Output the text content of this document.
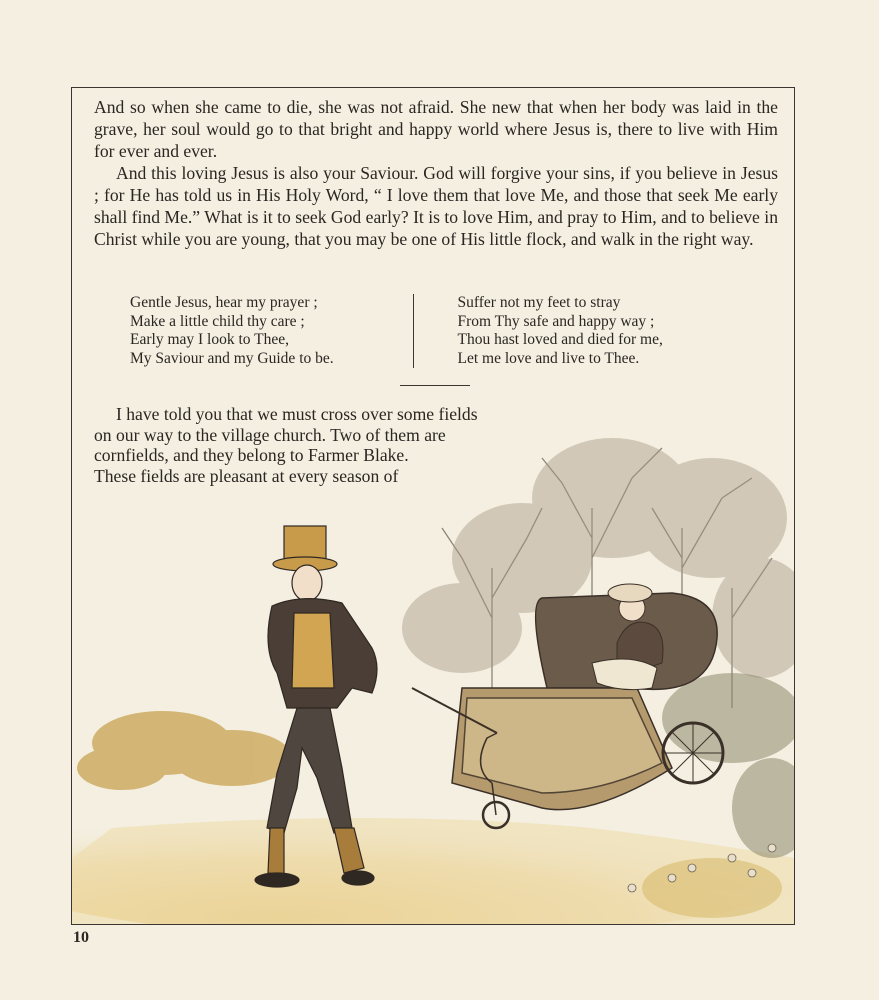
And so when she came to die, she was not afraid. She new that when her body was laid in the grave, her soul would go to that bright and happy world where Jesus is, there to live with Him for ever and ever.

And this loving Jesus is also your Saviour. God will forgive your sins, if you believe in Jesus ; for He has told us in His Holy Word, “ I love them that love Me, and those that seek Me early shall find Me.” What is it to seek God early? It is to love Him, and pray to Him, and to believe in Christ while you are young, that you may be one of His little flock, and walk in the right way.

Gentle Jesus, hear my prayer ;
Make a little child thy care ;
Early may I look to Thee,
My Saviour and my Guide to be.
Suffer not my feet to stray
From Thy safe and happy way ;
Thou hast loved and died for me,
Let me love and live to Thee.
I have told you that we must cross over some fields
on our way to the village church. Two of them are
cornfields, and they belong to Farmer Blake.
These fields are pleasant at every season of
10
